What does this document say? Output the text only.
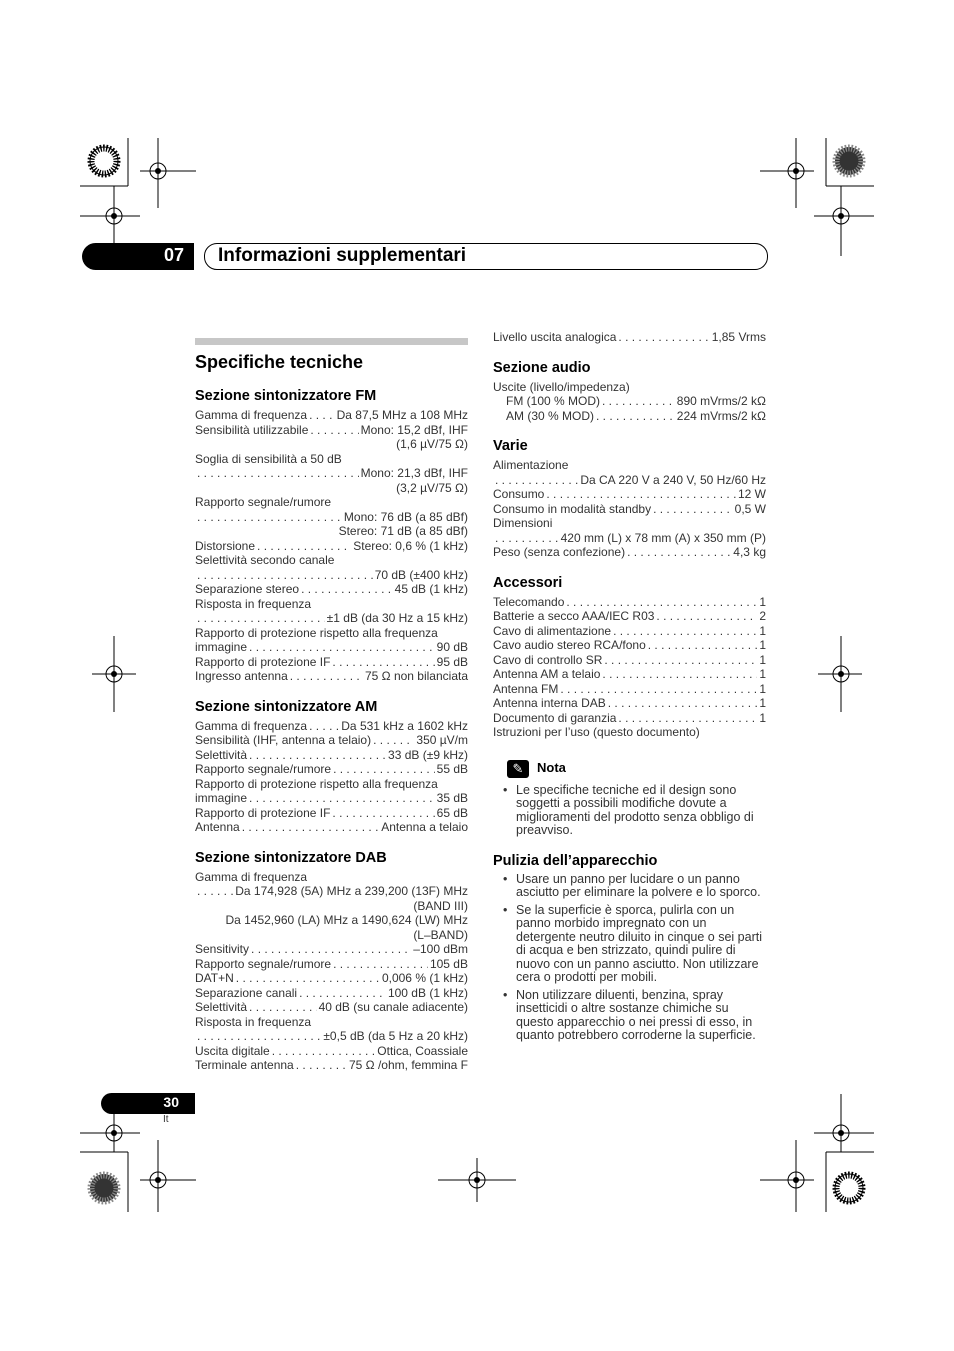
07 Informazioni supplementari
Specifiche tecniche
Sezione sintonizzatore FM
Gamma di frequenza . . . Da 87,5 MHz a 108 MHz
Sensibilità utilizzabile . . .	Mono: 15,2 dBf, IHF
(1,6 µV/75 Ω)
Soglia di sensibilità a 50 dB
. . .
Mono: 21,3 dBf, IHF
(3,2 µV/75 Ω)
Rapporto segnale/rumore
. . .
Mono: 76 dB (a 85 dBf)
Stereo: 71 dB (a 85 dBf)
Distorsione . . .	Stereo: 0,6 % (1 kHz)
Selettività secondo canale
. . .
70 dB (±400 kHz)
Separazione stereo . . .	45 dB (1 kHz)
Risposta in frequenza
. . .
±1 dB (da 30 Hz a 15 kHz)
Rapporto di protezione rispetto alla frequenza
immagine . . .	90 dB
Rapporto di protezione IF . . .	95 dB
Ingresso antenna . . .	75 Ω non bilanciata
Sezione sintonizzatore AM
Gamma di frequenza . . .	Da 531 kHz a 1602 kHz
Sensibilità (IHF, antenna a telaio) . . .	350 µV/m
Selettività . . .	33 dB (±9 kHz)
Rapporto segnale/rumore . . .	55 dB
Rapporto di protezione rispetto alla frequenza
immagine . . .	35 dB
Rapporto di protezione IF . . .	65 dB
Antenna . . .	Antenna a telaio
Sezione sintonizzatore DAB
Gamma di frequenza
. . .
Da 174,928 (5A) MHz a 239,200 (13F) MHz
(BAND III)
Da 1452,960 (LA) MHz a 1490,624 (LW) MHz
(L–BAND)
Sensitivity . . .	–100 dBm
Rapporto segnale/rumore . . .	105 dB
DAT+N . . .	0,006 % (1 kHz)
Separazione canali . . .	100 dB (1 kHz)
Selettività . . .	40 dB (su canale adiacente)
Risposta in frequenza
. . .
±0,5 dB (da 5 Hz a 20 kHz)
Uscita digitale . . .	Ottica, Coassiale
Terminale antenna . . .	75 Ω /ohm, femmina F
Livello uscita analogica . . .	1,85 Vrms
Sezione audio
Uscite (livello/impedenza)
FM (100 % MOD) . . .	890 mVrms/2 kΩ
AM (30 % MOD) . . .	224 mVrms/2 kΩ
Varie
Alimentazione
. . .
Da CA 220 V a 240 V, 50 Hz/60 Hz
Consumo . . .	12 W
Consumo in modalità standby . . .	0,5 W
Dimensioni
. . .
420 mm (L) x 78 mm (A) x 350 mm (P)
Peso (senza confezione) . . .	4,3 kg
Accessori
Telecomando . . .	1
Batterie a secco AAA/IEC R03 . . .	2
Cavo di alimentazione . . .	1
Cavo audio stereo RCA/fono . . .	1
Cavo di controllo SR . . .	1
Antenna AM a telaio . . .	1
Antenna FM . . .	1
Antenna interna DAB . . .	1
Documento di garanzia . . .	1
Istruzioni per l’uso (questo documento)
✎	Nota
• Le specifiche tecniche ed il design sono soggetti a possibili modifiche dovute a miglioramenti del prodotto senza obbligo di preavviso.
Pulizia dell’apparecchio
• Usare un panno per lucidare o un panno asciutto per eliminare la polvere e lo sporco.
• Se la superficie è sporca, pulirla con un panno morbido impregnato con un detergente neutro diluito in cinque o sei parti di acqua e ben strizzato, quindi pulire di nuovo con un panno asciutto. Non utilizzare cera o prodotti per mobili.
• Non utilizzare diluenti, benzina, spray insetticidi o altre sostanze chimiche su questo apparecchio o nei pressi di esso, in quanto potrebbero corroderne la superficie.
30
It
